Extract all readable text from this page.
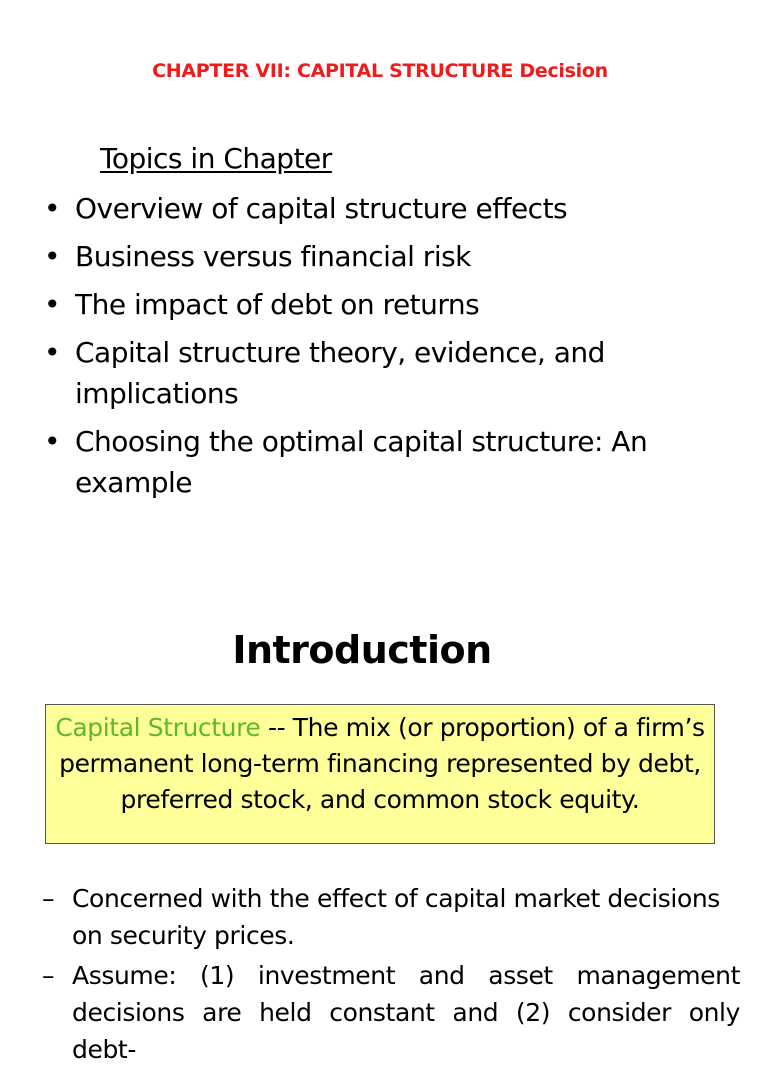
CHAPTER VII: CAPITAL STRUCTURE Decision
Topics in Chapter
• Overview of capital structure effects
• Business versus financial risk
• The impact of debt on returns
• Capital structure theory, evidence, and implications
• Choosing the optimal capital structure: An example
Introduction
Capital Structure -- The mix (or proportion) of a firm’s permanent long-term financing represented by debt, preferred stock, and common stock equity.
– Concerned with the effect of capital market decisions on security prices.
– Assume: (1) investment and asset management decisions are held constant and (2) consider only debt-
